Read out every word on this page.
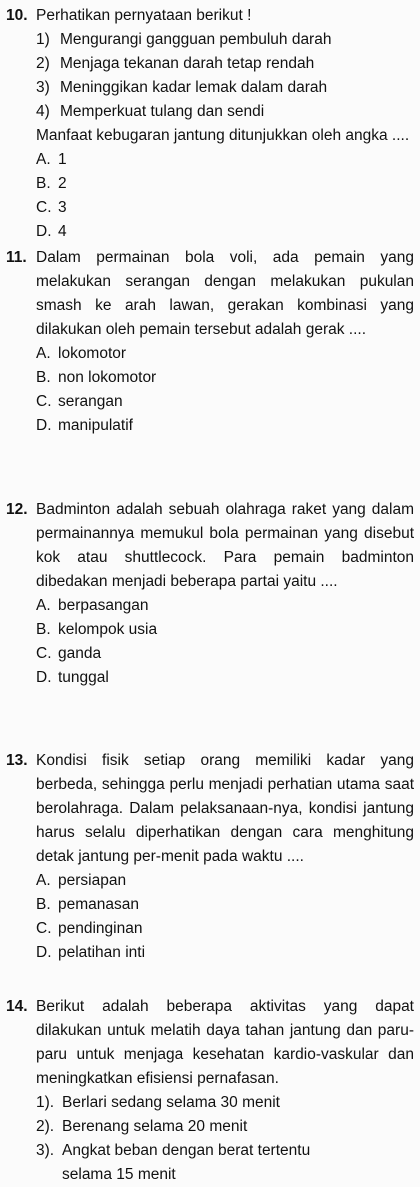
10. Perhatikan pernyataan berikut !
1) Mengurangi gangguan pembuluh darah
2) Menjaga tekanan darah tetap rendah
3) Meninggikan kadar lemak dalam darah
4) Memperkuat tulang dan sendi
Manfaat kebugaran jantung ditunjukkan oleh angka ....
A. 1
B. 2
C. 3
D. 4
11. Dalam permainan bola voli, ada pemain yang melakukan serangan dengan melakukan pukulan smash ke arah lawan, gerakan kombinasi yang dilakukan oleh pemain tersebut adalah gerak ....
A. lokomotor
B. non lokomotor
C. serangan
D. manipulatif
12. Badminton adalah sebuah olahraga raket yang dalam permainannya memukul bola permainan yang disebut kok atau shuttlecock. Para pemain badminton dibedakan menjadi beberapa partai yaitu ....
A. berpasangan
B. kelompok usia
C. ganda
D. tunggal
13. Kondisi fisik setiap orang memiliki kadar yang berbeda, sehingga perlu menjadi perhatian utama saat berolahraga. Dalam pelaksanaan-nya, kondisi jantung harus selalu diperhatikan dengan cara menghitung detak jantung per-menit pada waktu ....
A. persiapan
B. pemanasan
C. pendinginan
D. pelatihan inti
14. Berikut adalah beberapa aktivitas yang dapat dilakukan untuk melatih daya tahan jantung dan paru-paru untuk menjaga kesehatan kardio-vaskular dan meningkatkan efisiensi pernafasan.
1). Berlari sedang selama 30 menit
2). Berenang selama 20 menit
3). Angkat beban dengan berat tertentu
selama 15 menit
